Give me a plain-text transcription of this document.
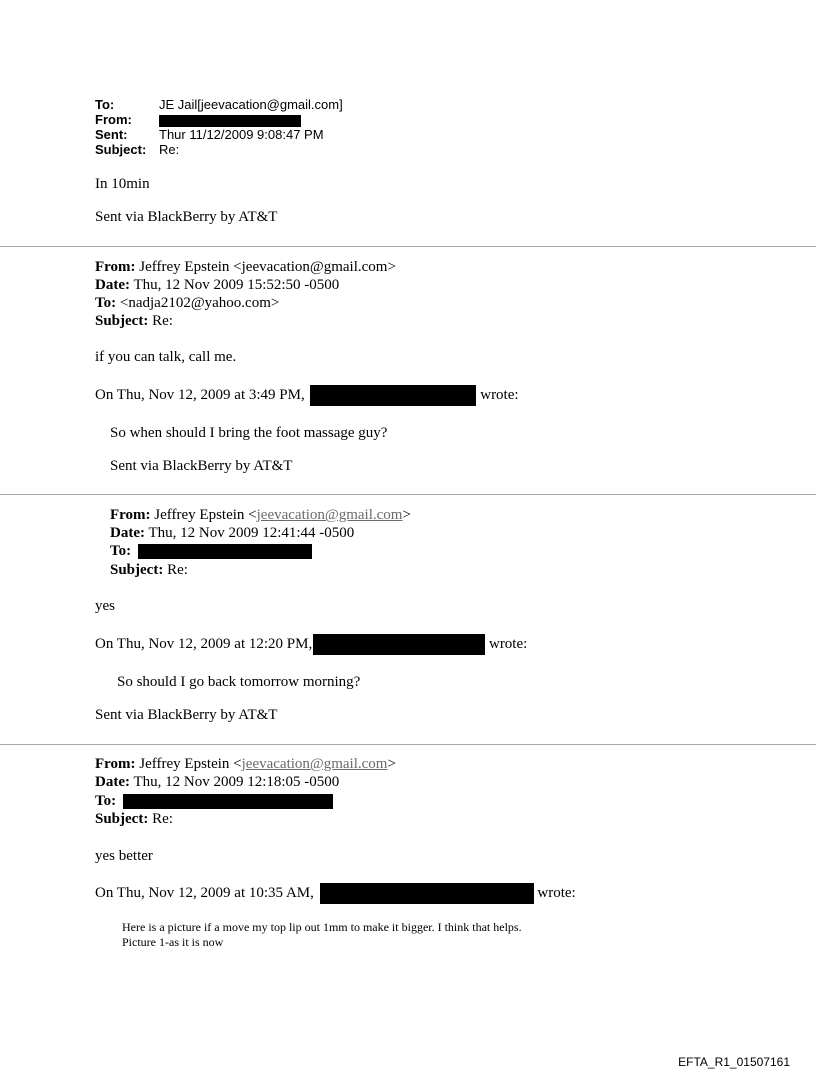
To:	JE Jail[jeevacation@gmail.com]
From:
Sent: Thur 11/12/2009 9:08:47 PM
Subject: Re:
In 10min
Sent via BlackBerry by AT&T
From: Jeffrey Epstein <jeevacation@gmail.com>
Date: Thu, 12 Nov 2009 15:52:50 -0500
To: <nadja2102@yahoo.com>
Subject: Re:
if you can talk, call me.
On Thu, Nov 12, 2009 at 3:49 PM,	wrote:
So when should I bring the foot massage guy?
Sent via BlackBerry by AT&T
From: Jeffrey Epstein <jeevacation@gmail.com>
Date: Thu, 12 Nov 2009 12:41:44 -0500
To:
Subject: Re:
yes
On Thu, Nov 12, 2009 at 12:20 PM,	wrote:
So should I go back tomorrow morning?
Sent via BlackBerry by AT&T
From: Jeffrey Epstein <jeevacation@gmail.com>
Date: Thu, 12 Nov 2009 12:18:05 -0500
To:
Subject: Re:
yes better
On Thu, Nov 12, 2009 at 10:35 AM,	wrote:
Here is a picture if a move my top lip out 1mm to make it bigger. I think that helps.
Picture 1-as it is now
EFTA_R1_01507161
